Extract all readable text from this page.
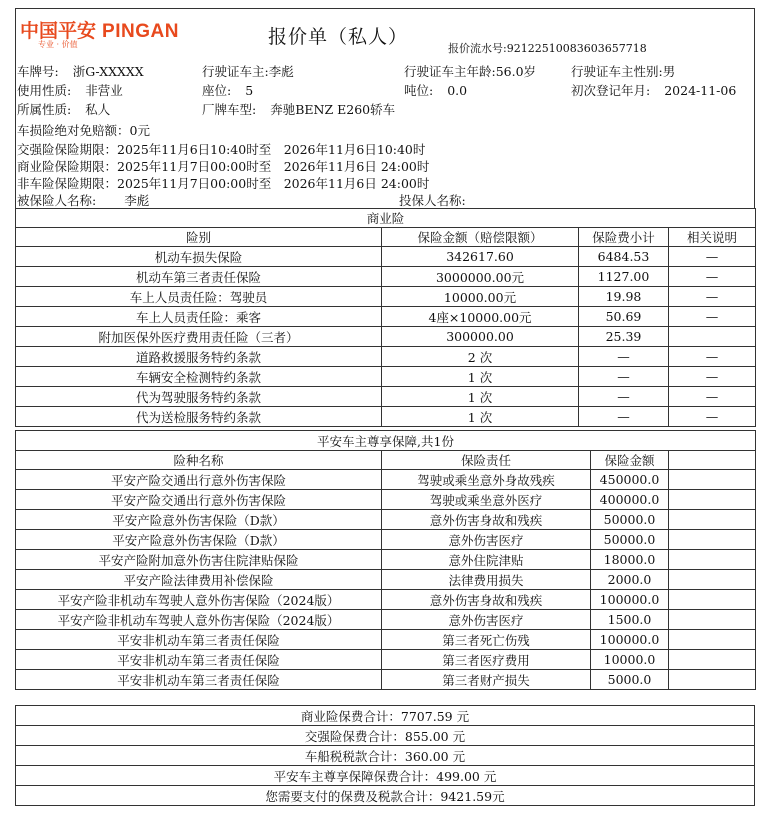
中国平安 PINGAN
专业 · 价值	报价单（私人）
报价流水号:9212251008360365771​8
车牌号: 浙G-XXXXX	行驶证车主:李彪	行驶证车主年龄:56.0岁	行驶证车主性别:男
使用性质: 非营业	座位: 5	吨位: 0.0	初次登记年月: 2024-11-06
所属性质: 私人	厂牌车型: 奔驰BENZ E260轿车
车损险绝对免赔额：0元
交强险保险期限：2025年11月6日10:40时至　2026年11月6日10:40时
商业险保险期限：2025年11月7日00:00时至　2026年11月6日 24:00时
非车险保险期限：2025年11月7日00:00时至　2026年11月6日 24:00时
被保险人名称: 李彪	投保人名称:
商业险			
险别	保险金额（赔偿限额）	保险费小计	相关说明
机动车损失保险	342617.60	6484.53	—
机动车第三者责任保险	3000000.00元	1127.00	—
车上人员责任险：驾驶员	10000.00元	19.98	—
车上人员责任险：乘客	4座×10000.00元	50.69	—
附加医保外医疗费用责任险（三者）	300000.00	25.39	
道路救援服务特约条款	2 次	—	—
车辆安全检测特约条款	1 次	—	—
代为驾驶服务特约条款	1 次	—	—
代为送检服务特约条款	1 次	—	—
平安车主尊享保障,共1份			
险种名称	保险责任	保险金额	
平安产险交通出行意外伤害保险	驾驶或乘坐意外身故残疾	450000.0	
平安产险交通出行意外伤害保险	驾驶或乘坐意外医疗	400000.0	
平安产险意外伤害保险（D款）	意外伤害身故和残疾	50000.0	
平安产险意外伤害保险（D款）	意外伤害医疗	50000.0	
平安产险附加意外伤害住院津贴保险	意外住院津贴	18000.0	
平安产险法律费用补偿保险	法律费用损失	2000.0	
平安产险非机动车驾驶人意外伤害保险（2024版）	意外伤害身故和残疾	100000.0	
平安产险非机动车驾驶人意外伤害保险（2024版）	意外伤害医疗	1500.0	
平安非机动车第三者责任保险	第三者死亡伤残	100000.0	
平安非机动车第三者责任保险	第三者医疗费用	10000.0	
平安非机动车第三者责任保险	第三者财产损失	5000.0	
商业险保费合计：7707.59 元
交强险保费合计：855.00 元
车船税税款合计：360.00 元
平安车主尊享保障保费合计：499.00 元
您需要支付的保费及税款合计：9421.59元
